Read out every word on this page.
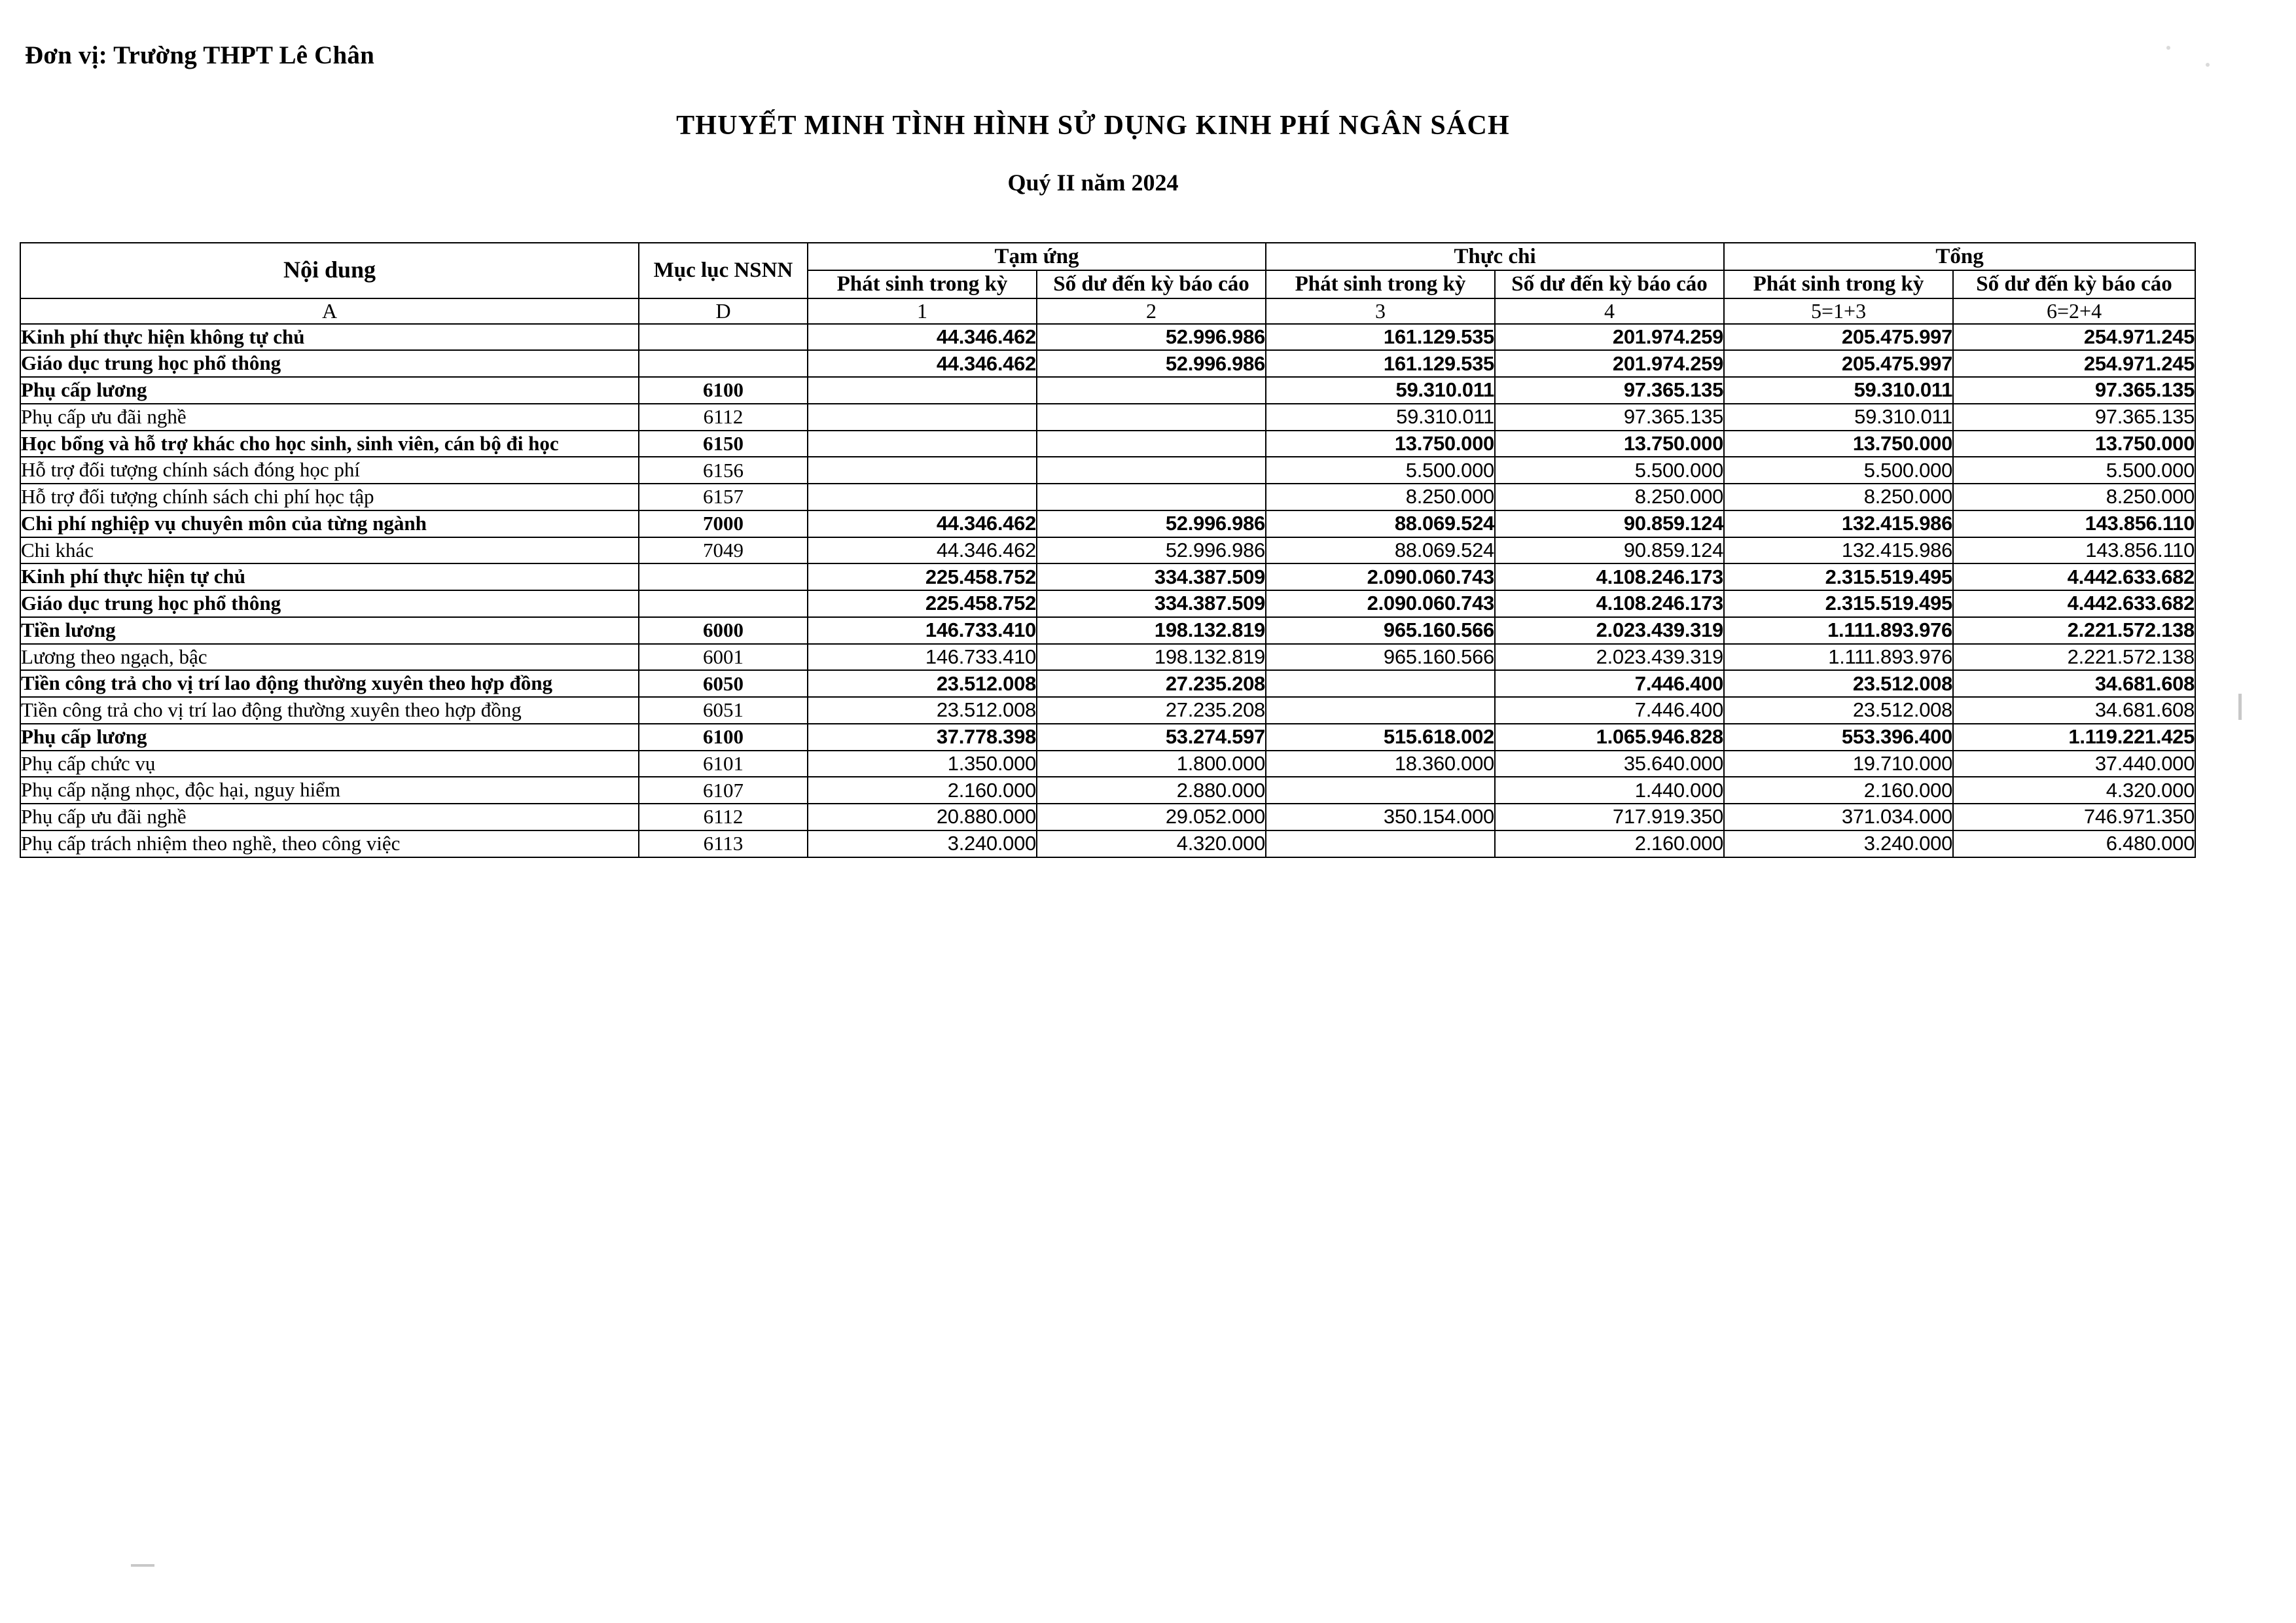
Đơn vị: Trường THPT Lê Chân
THUYẾT MINH TÌNH HÌNH SỬ DỤNG KINH PHÍ NGÂN SÁCH
Quý II năm 2024
Nội dung	Mục lục NSNN	Tạm ứng		Thực chi		Tổng	
		Phát sinh trong kỳ	Số dư đến kỳ báo cáo	Phát sinh trong kỳ	Số dư đến kỳ báo cáo	Phát sinh trong kỳ	Số dư đến kỳ báo cáo
A	D	1	2	3	4	5=1+3	6=2+4
Kinh phí thực hiện không tự chủ		44.346.462	52.996.986	161.129.535	201.974.259	205.475.997	254.971.245
Giáo dục trung học phổ thông		44.346.462	52.996.986	161.129.535	201.974.259	205.475.997	254.971.245
Phụ cấp lương	6100			59.310.011	97.365.135	59.310.011	97.365.135
Phụ cấp ưu đãi nghề	6112			59.310.011	97.365.135	59.310.011	97.365.135
Học bổng và hỗ trợ khác cho học sinh, sinh viên, cán bộ đi học	6150			13.750.000	13.750.000	13.750.000	13.750.000
Hỗ trợ đối tượng chính sách đóng học phí	6156			5.500.000	5.500.000	5.500.000	5.500.000
Hỗ trợ đối tượng chính sách chi phí học tập	6157			8.250.000	8.250.000	8.250.000	8.250.000
Chi phí nghiệp vụ chuyên môn của từng ngành	7000	44.346.462	52.996.986	88.069.524	90.859.124	132.415.986	143.856.110
Chi khác	7049	44.346.462	52.996.986	88.069.524	90.859.124	132.415.986	143.856.110
Kinh phí thực hiện tự chủ		225.458.752	334.387.509	2.090.060.743	4.108.246.173	2.315.519.495	4.442.633.682
Giáo dục trung học phổ thông		225.458.752	334.387.509	2.090.060.743	4.108.246.173	2.315.519.495	4.442.633.682
Tiền lương	6000	146.733.410	198.132.819	965.160.566	2.023.439.319	1.111.893.976	2.221.572.138
Lương theo ngạch, bậc	6001	146.733.410	198.132.819	965.160.566	2.023.439.319	1.111.893.976	2.221.572.138
Tiền công trả cho vị trí lao động thường xuyên theo hợp đồng	6050	23.512.008	27.235.208		7.446.400	23.512.008	34.681.608
Tiền công trả cho vị trí lao động thường xuyên theo hợp đồng	6051	23.512.008	27.235.208		7.446.400	23.512.008	34.681.608
Phụ cấp lương	6100	37.778.398	53.274.597	515.618.002	1.065.946.828	553.396.400	1.119.221.425
Phụ cấp chức vụ	6101	1.350.000	1.800.000	18.360.000	35.640.000	19.710.000	37.440.000
Phụ cấp nặng nhọc, độc hại, nguy hiểm	6107	2.160.000	2.880.000		1.440.000	2.160.000	4.320.000
Phụ cấp ưu đãi nghề	6112	20.880.000	29.052.000	350.154.000	717.919.350	371.034.000	746.971.350
Phụ cấp trách nhiệm theo nghề, theo công việc	6113	3.240.000	4.320.000		2.160.000	3.240.000	6.480.000
